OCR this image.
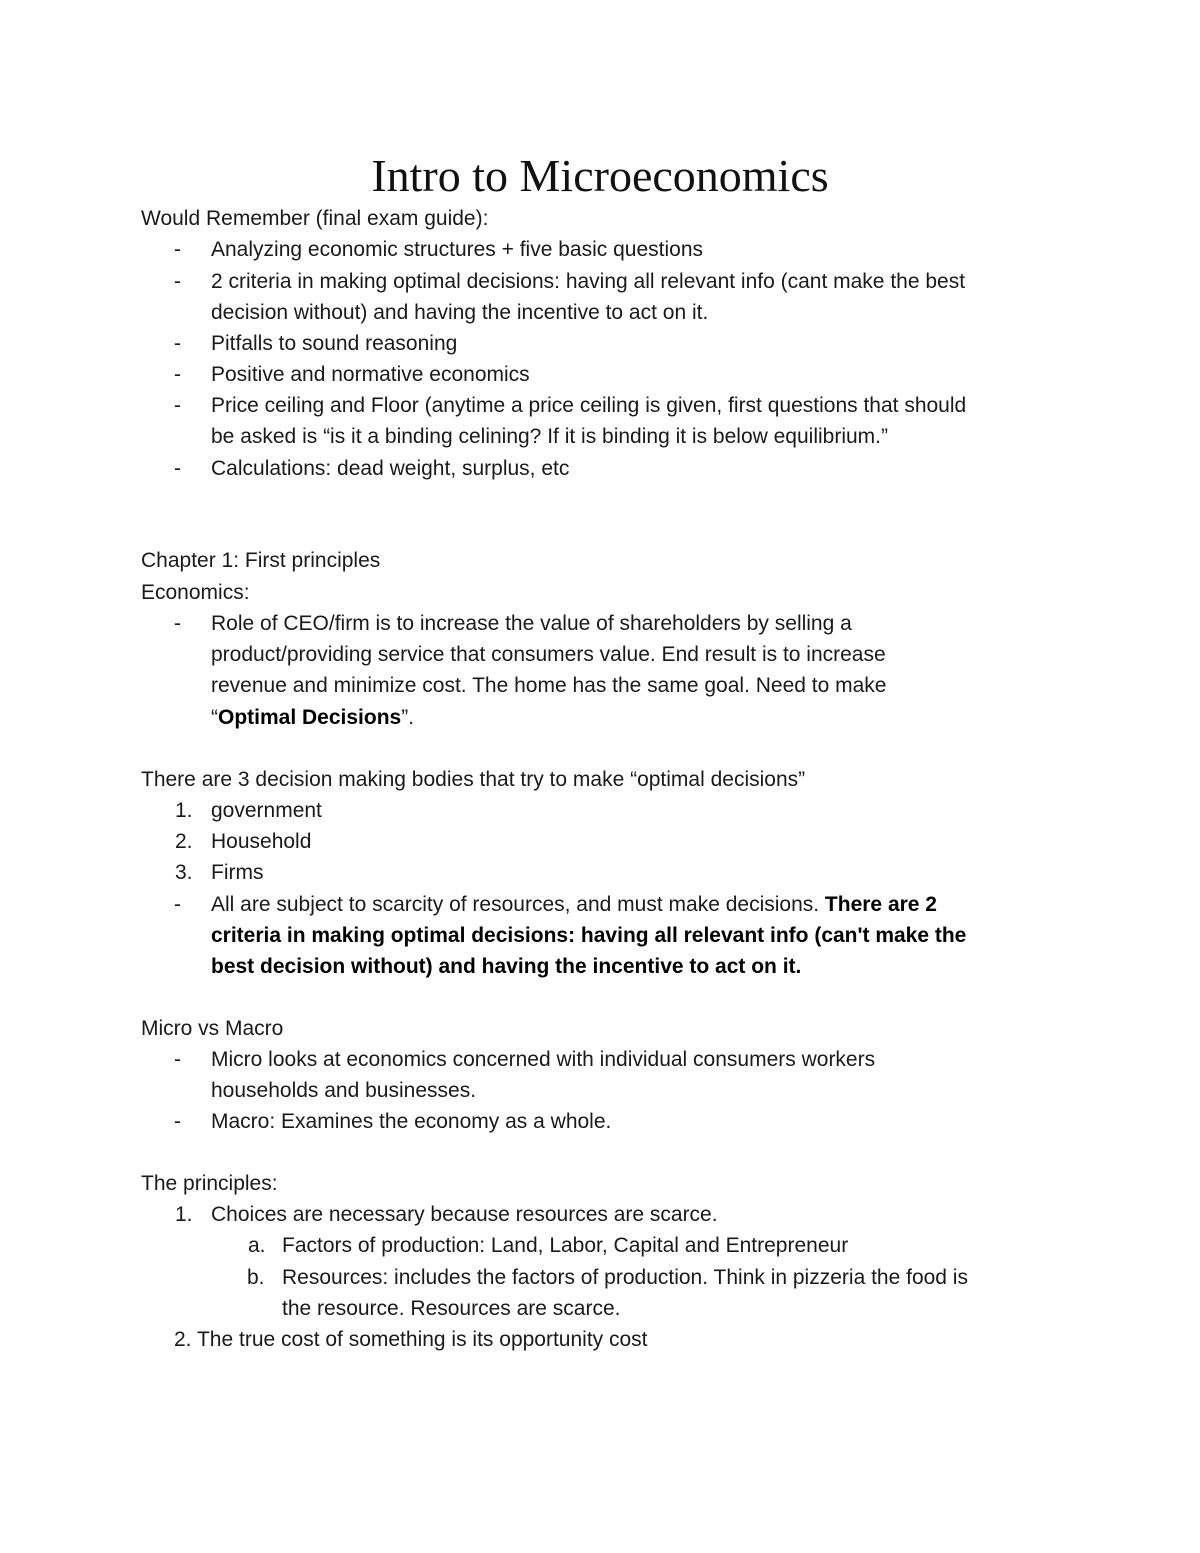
Intro to Microeconomics
Would Remember (final exam guide):
- Analyzing economic structures + five basic questions
- 2 criteria in making optimal decisions: having all relevant info (cant make the best
decision without) and having the incentive to act on it.
- Pitfalls to sound reasoning
- Positive and normative economics
- Price ceiling and Floor (anytime a price ceiling is given, first questions that should
be asked is “is it a binding celining? If it is binding it is below equilibrium.”
- Calculations: dead weight, surplus, etc
Chapter 1: First principles
Economics:
- Role of CEO/firm is to increase the value of shareholders by selling a
product/providing service that consumers value. End result is to increase
revenue and minimize cost. The home has the same goal. Need to make
“Optimal Decisions”.
There are 3 decision making bodies that try to make “optimal decisions”
1. government
2. Household
3. Firms
- All are subject to scarcity of resources, and must make decisions. There are 2
criteria in making optimal decisions: having all relevant info (can't make the
best decision without) and having the incentive to act on it.
Micro vs Macro
- Micro looks at economics concerned with individual consumers workers
households and businesses.
- Macro: Examines the economy as a whole.
The principles:
1. Choices are necessary because resources are scarce.
a. Factors of production: Land, Labor, Capital and Entrepreneur
b. Resources: includes the factors of production. Think in pizzeria the food is
the resource. Resources are scarce.
2. The true cost of something is its opportunity cost
